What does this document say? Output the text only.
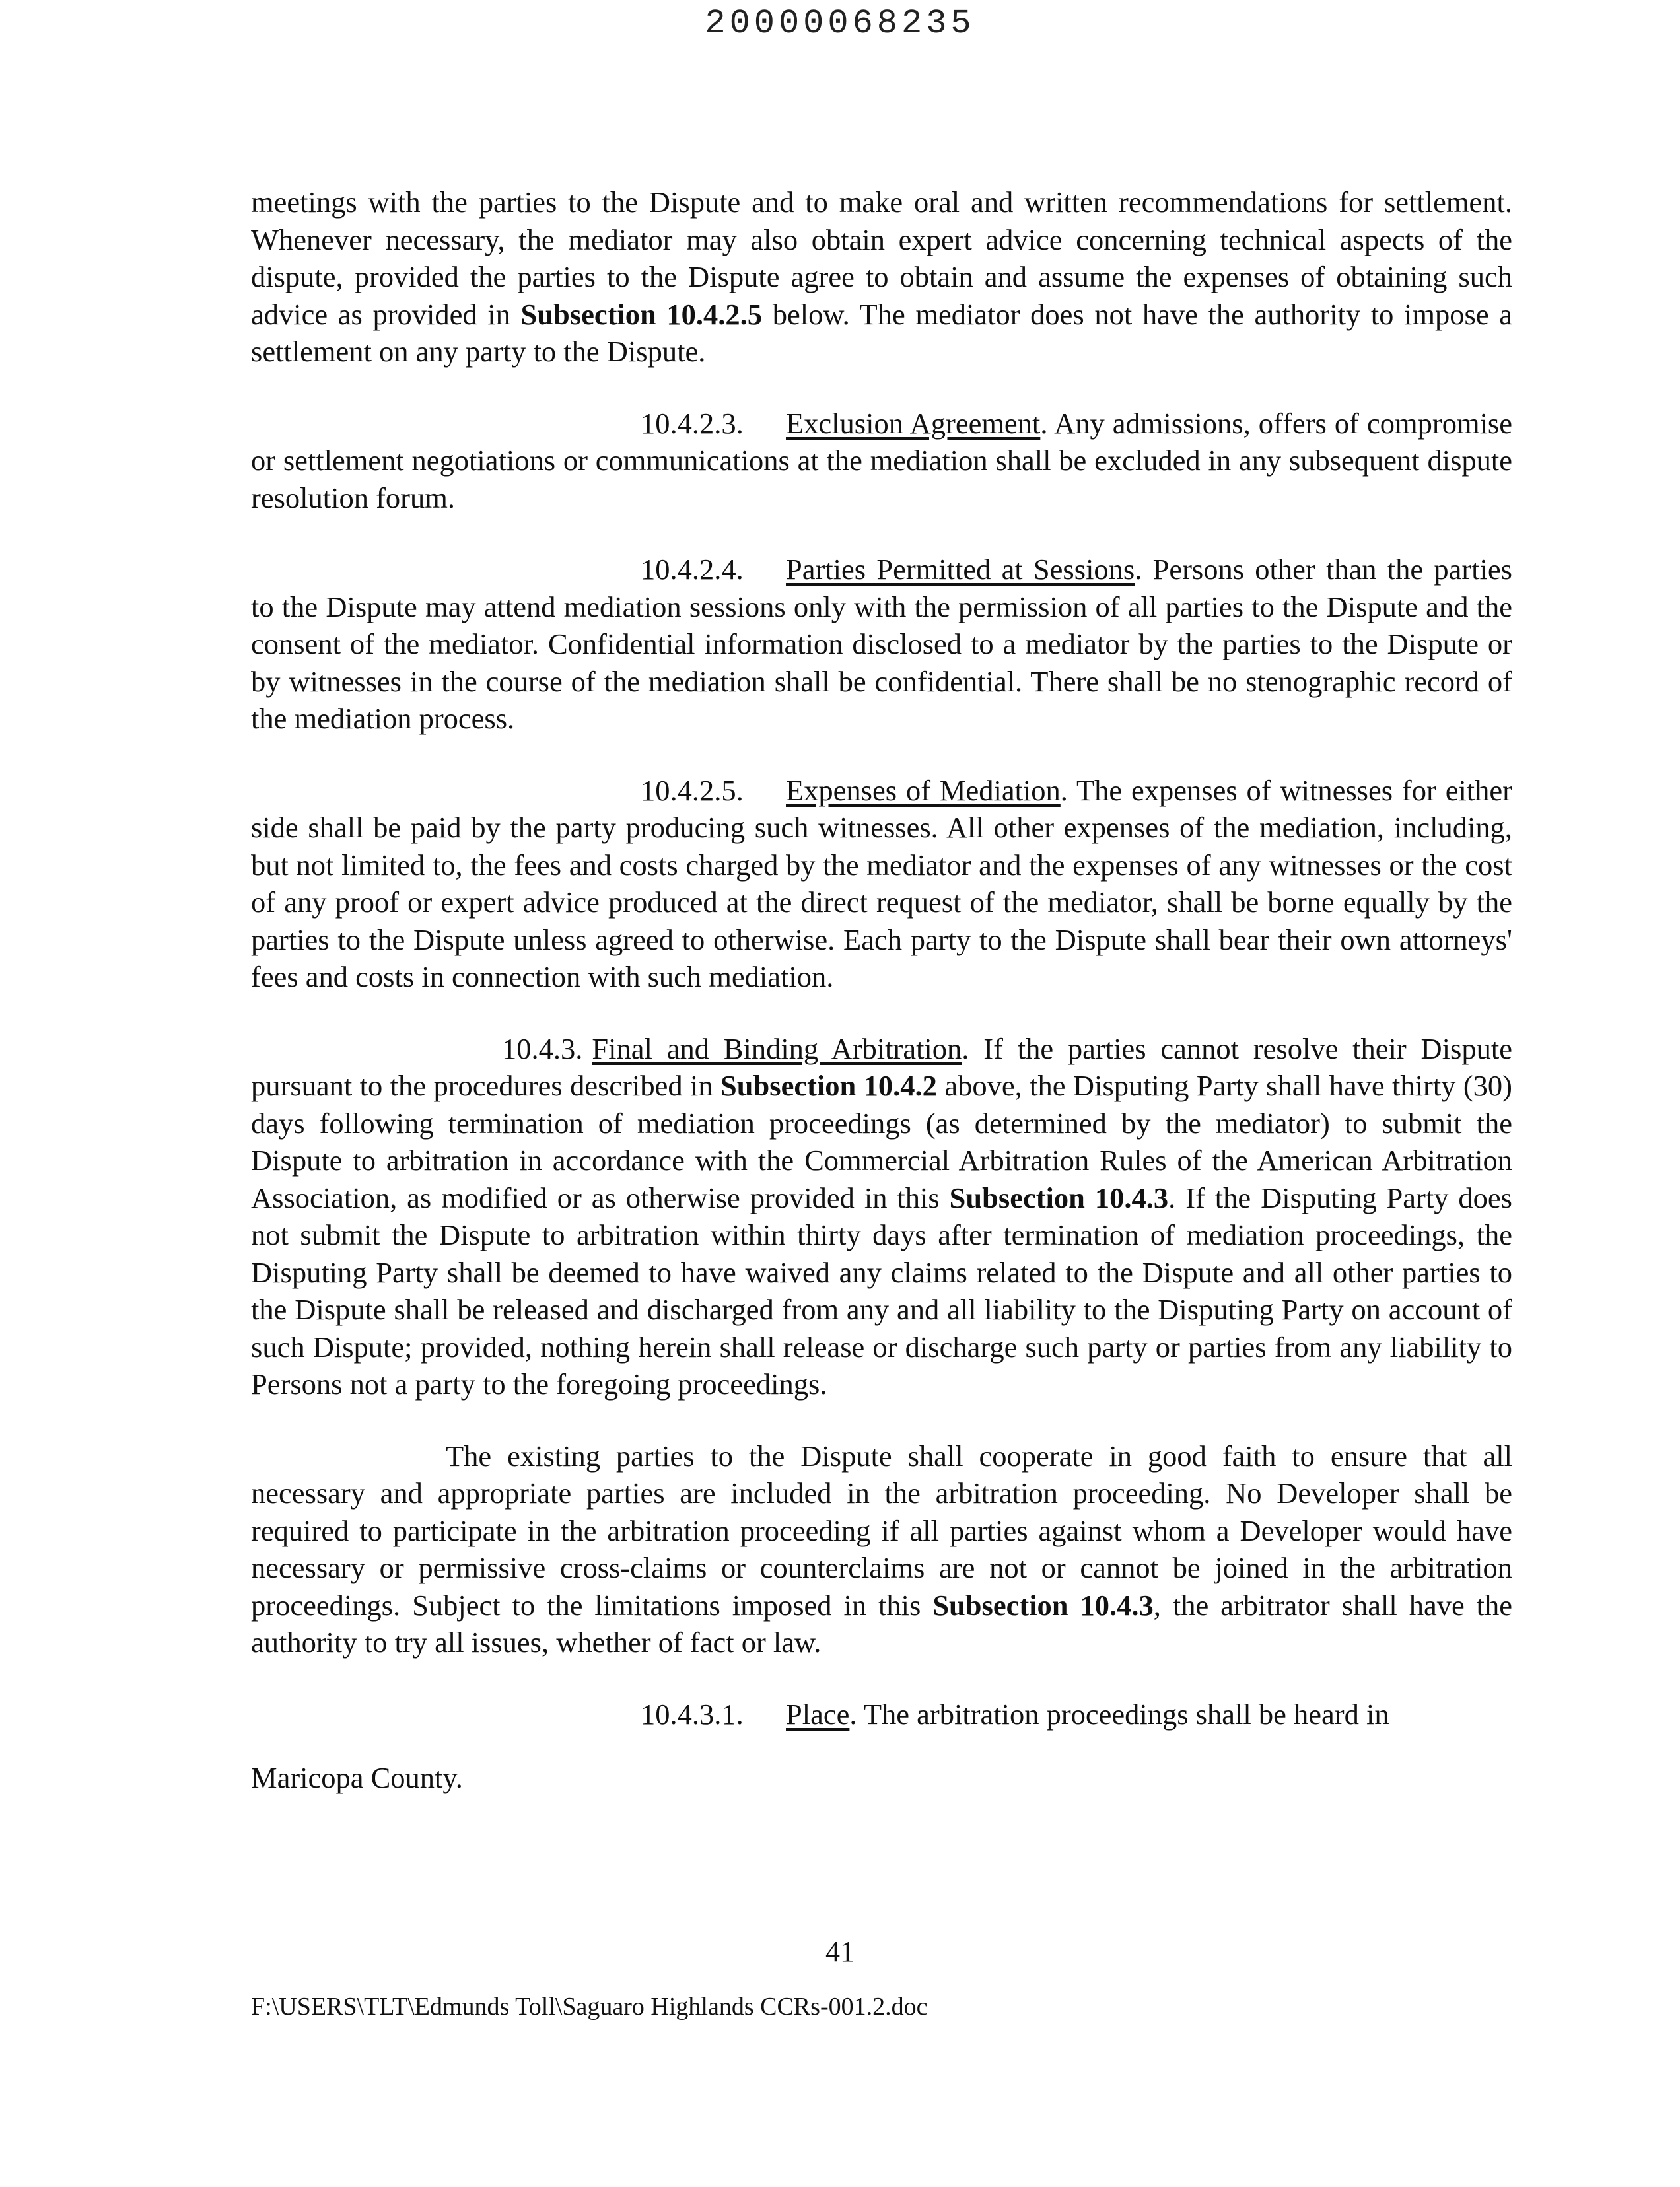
20000068235

meetings with the parties to the Dispute and to make oral and written recommendations for settlement. Whenever necessary, the mediator may also obtain expert advice concerning technical aspects of the dispute, provided the parties to the Dispute agree to obtain and assume the expenses of obtaining such advice as provided in Subsection 10.4.2.5 below. The mediator does not have the authority to impose a settlement on any party to the Dispute.

10.4.2.3. Exclusion Agreement. Any admissions, offers of compromise or settlement negotiations or communications at the mediation shall be excluded in any subsequent dispute resolution forum.

10.4.2.4. Parties Permitted at Sessions. Persons other than the parties to the Dispute may attend mediation sessions only with the permission of all parties to the Dispute and the consent of the mediator. Confidential information disclosed to a mediator by the parties to the Dispute or by witnesses in the course of the mediation shall be confidential. There shall be no stenographic record of the mediation process.

10.4.2.5. Expenses of Mediation. The expenses of witnesses for either side shall be paid by the party producing such witnesses. All other expenses of the mediation, including, but not limited to, the fees and costs charged by the mediator and the expenses of any witnesses or the cost of any proof or expert advice produced at the direct request of the mediator, shall be borne equally by the parties to the Dispute unless agreed to otherwise. Each party to the Dispute shall bear their own attorneys' fees and costs in connection with such mediation.

10.4.3. Final and Binding Arbitration. If the parties cannot resolve their Dispute pursuant to the procedures described in Subsection 10.4.2 above, the Disputing Party shall have thirty (30) days following termination of mediation proceedings (as determined by the mediator) to submit the Dispute to arbitration in accordance with the Commercial Arbitration Rules of the American Arbitration Association, as modified or as otherwise provided in this Subsection 10.4.3. If the Disputing Party does not submit the Dispute to arbitration within thirty days after termination of mediation proceedings, the Disputing Party shall be deemed to have waived any claims related to the Dispute and all other parties to the Dispute shall be released and discharged from any and all liability to the Disputing Party on account of such Dispute; provided, nothing herein shall release or discharge such party or parties from any liability to Persons not a party to the foregoing proceedings.

The existing parties to the Dispute shall cooperate in good faith to ensure that all necessary and appropriate parties are included in the arbitration proceeding. No Developer shall be required to participate in the arbitration proceeding if all parties against whom a Developer would have necessary or permissive cross-claims or counterclaims are not or cannot be joined in the arbitration proceedings. Subject to the limitations imposed in this Subsection 10.4.3, the arbitrator shall have the authority to try all issues, whether of fact or law.

10.4.3.1. Place. The arbitration proceedings shall be heard in

Maricopa County.
41
F:\USERS\TLT\Edmunds Toll\Saguaro Highlands CCRs-001.2.doc
